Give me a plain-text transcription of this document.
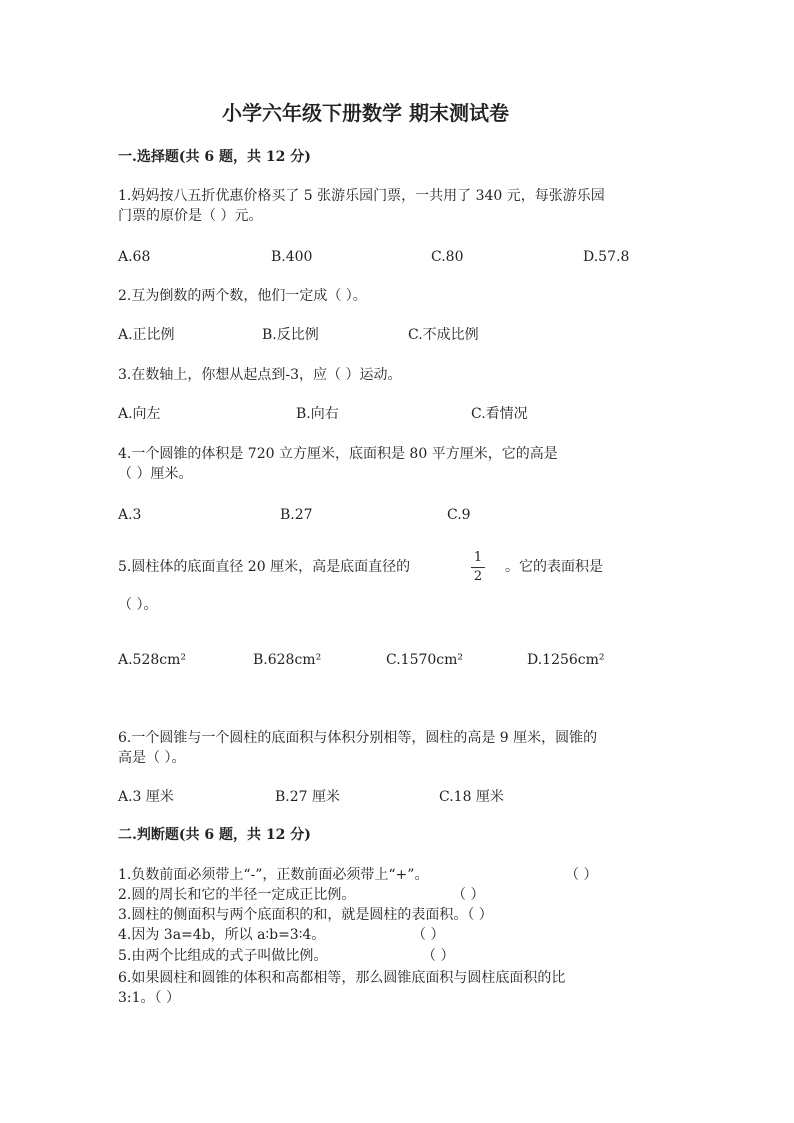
小学六年级下册数学 期末测试卷
一.选择题(共 6 题，共 12 分)
1.妈妈按八五折优惠价格买了 5 张游乐园门票，一共用了 340 元，每张游乐园
门票的原价是（ ）元。
A.68	B.400	C.80	D.57.8
2.互为倒数的两个数，他们一定成（ ）。
A.正比例	B.反比例	C.不成比例
3.在数轴上，你想从起点到-3，应（ ）运动。
A.向左	B.向右	C.看情况
4.一个圆锥的体积是 720 立方厘米，底面积是 80 平方厘米，它的高是
（ ）厘米。
A.3	B.27	C.9
5.圆柱体的底面直径 20 厘米，高是底面直径的
1
2
。它的表面积是
（ ）。
A.528cm²	B.628cm²	C.1570cm²	D.1256cm²
6.一个圆锥与一个圆柱的底面积与体积分别相等，圆柱的高是 9 厘米，圆锥的
高是（ ）。
A.3 厘米	B.27 厘米	C.18 厘米
二.判断题(共 6 题，共 12 分)
1.负数前面必须带上“-”，正数前面必须带上“+”。	（ ）
2.圆的周长和它的半径一定成正比例。	（ ）
3.圆柱的侧面积与两个底面积的和，就是圆柱的表面积。（ ）
4.因为 3a=4b，所以 a∶b=3∶4。	（ ）
5.由两个比组成的式子叫做比例。	（ ）
6.如果圆柱和圆锥的体积和高都相等，那么圆锥底面积与圆柱底面积的比
3:1。（ ）
